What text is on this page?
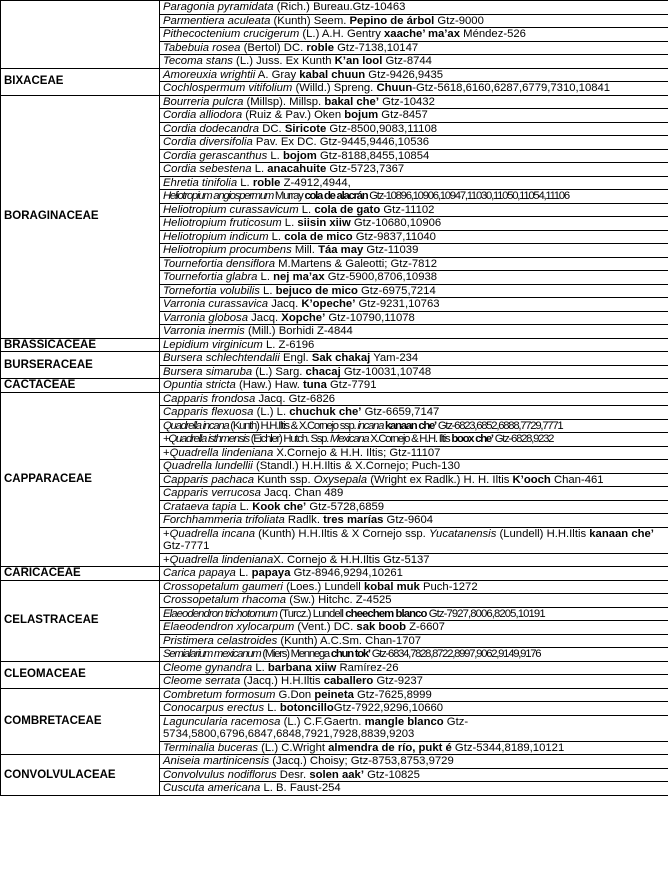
	Paragonia pyramidata (Rich.) Bureau.Gtz-10463
	Parmentiera aculeata (Kunth) Seem. Pepino de árbol Gtz-9000
	Pithecoctenium crucigerum (L.) A.H. Gentry xaache’ ma’ax Méndez-526
	Tabebuia rosea (Bertol) DC. roble Gtz-7138,10147
	Tecoma stans (L.) Juss. Ex Kunth K’an lool Gtz-8744
BIXACEAE	Amoreuxia wrightii A. Gray kabal chuun Gtz-9426,9435
	Cochlospermum vitifolium (Willd.) Spreng. Chuun-Gtz-5618,6160,6287,6779,7310,10841
BORAGINACEAE	Bourreria pulcra (Millsp). Millsp. bakal che’ Gtz-10432
	Cordia alliodora (Ruiz & Pav.) Oken bojum Gtz-8457
	Cordia dodecandra DC. Siricote Gtz-8500,9083,11108
	Cordia diversifolia Pav. Ex DC. Gtz-9445,9446,10536
	Cordia gerascanthus L. bojom Gtz-8188,8455,10854
	Cordia sebestena L. anacahuite Gtz-5723,7367
	Ehretia tinifolia L. roble Z-4912,4944,
	Heliotropium angiospermum Murray cola de alacrán Gtz-10896,10906,10947,11030,11050,11054,11106
	Heliotropium curassavicum L. cola de gato Gtz-11102
	Heliotropium fruticosum L. siisin xiiw Gtz-10680,10906
	Heliotropium indicum L. cola de mico Gtz-9837,11040
	Heliotropium procumbens Mill. Táa may Gtz-11039
	Tournefortia densiflora M.Martens & Galeotti; Gtz-7812
	Tournefortia glabra L. nej ma’ax Gtz-5900,8706,10938
	Tornefortia volubilis L. bejuco de mico Gtz-6975,7214
	Varronia curassavica Jacq. K’opeche’ Gtz-9231,10763
	Varronia globosa Jacq. Xopche’ Gtz-10790,11078
	Varronia inermis (Mill.) Borhidi Z-4844
BRASSICACEAE	Lepidium virginicum L. Z-6196
BURSERACEAE	Bursera schlechtendalii Engl. Sak chakaj Yam-234
	Bursera simaruba (L.) Sarg. chacaj Gtz-10031,10748
CACTACEAE	Opuntia stricta (Haw.) Haw. tuna Gtz-7791
CAPPARACEAE	Capparis frondosa Jacq. Gtz-6826
	Capparis flexuosa (L.) L. chuchuk che’ Gtz-6659,7147
	Quadrella incana (Kunth) H.H.Iltis & X.Cornejo ssp. incana kanaan che’ Gtz-6823,6852,6888,7729,7771
	+Quadrella isthmensis (Eichler) Hutch. Ssp. Mexicana X.Cornejo & H.H. Iltis boox che’ Gtz-6828,9232
	+Quadrella lindeniana X.Cornejo & H.H. Iltis; Gtz-11107
	Quadrella lundellii (Standl.) H.H.Iltis & X.Cornejo; Puch-130
	Capparis pachaca Kunth ssp. Oxysepala (Wright ex Radlk.) H. H. Iltis K’ooch Chan-461
	Capparis verrucosa Jacq. Chan 489
	Crataeva tapia L. Kook che’ Gtz-5728,6859
	Forchhammeria trifoliata Radlk. tres marías Gtz-9604
	+Quadrella incana (Kunth) H.H.Iltis & X Cornejo ssp. Yucatanensis (Lundell) H.H.Iltis kanaan che’ Gtz-7771
	+Quadrella lindenianaX. Cornejo & H.H.Iltis Gtz-5137
CARICACEAE	Carica papaya L. papaya Gtz-8946,9294,10261
CELASTRACEAE	Crossopetalum gaumeri (Loes.) Lundell kobal muk Puch-1272
	Crossopetalum rhacoma (Sw.) Hitchc. Z-4525
	Elaeodendron trichotomum (Turcz.) Lundell cheechem blanco Gtz-7927,8006,8205,10191
	Elaeodendron xylocarpum (Vent.) DC. sak boob Z-6607
	Pristimera celastroides (Kunth) A.C.Sm. Chan-1707
	Semialarium mexicanum (Miers) Mennega chun tok’ Gtz-6834,7828,8722,8997,9062,9149,9176
CLEOMACEAE	Cleome gynandra L. barbana xiiw Ramírez-26
	Cleome serrata (Jacq.) H.H.Iltis caballero Gtz-9237
COMBRETACEAE	Combretum formosum G.Don peineta Gtz-7625,8999
	Conocarpus erectus L. botoncilloGtz-7922,9296,10660
	Laguncularia racemosa (L.) C.F.Gaertn. mangle blanco Gtz-5734,5800,6796,6847,6848,7921,7928,8839,9203
	Terminalia buceras (L.) C.Wright almendra de río, pukt é Gtz-5344,8189,10121
CONVOLVULACEAE	Aniseia martinicensis (Jacq.) Choisy; Gtz-8753,8753,9729
	Convolvulus nodiflorus Desr. solen aak’ Gtz-10825
	Cuscuta americana L. B. Faust-254
